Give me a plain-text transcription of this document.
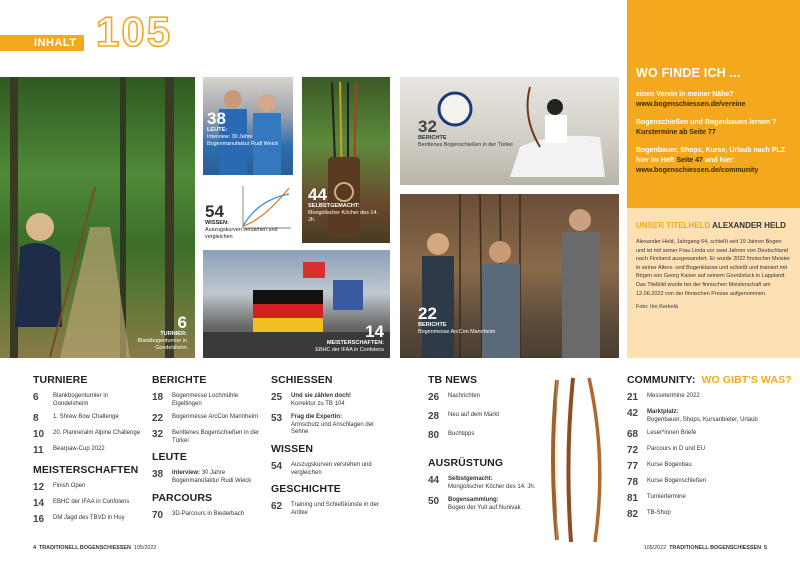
INHALT 105
6
TURNIER:
Blankbogenturnier in Gondelsheim
38
LEUTE:
Interview: 30 Jahre Bogenmanufaktur Rudi Weick
44
SELBSTGEMACHT:
Mongolischer Köcher des 14. Jh.
54
WISSEN:
Auszugskurven verstehen und vergleichen
14
MEISTERSCHAFTEN:
EBHC der IFAA in Confolens
32
BERICHTE
Berittenes Bogenschießen in der Türkei
22
BERICHTE
Bogenmesse ArcCon Mannheim
WO FINDE ICH ...

einen Verein in meiner Nähe?
www.bogenschiessen.de/vereine

Bogenschießen und Bogenbauen lernen ?
Kurstermine ab Seite 77

Bogenbauer, Shops, Kurse, Urlaub nach PLZ hier im Heft Seite 47 und hier:
www.bogenschiessen.de/community

UNSER TITELHELD ALEXANDER HELD

Alexander Held, Jahrgang 64, schießt seit 19 Jahren Bogen und ist mit seiner Frau Linda vor zwei Jahren von Deutschland nach Finnland ausgewandert. Er wurde 2022 finnischer Meister in seiner Alters- und Bogenklasse und schießt und trainiert mit Bögen von Georg Kaiser auf seinem Grundstück in Lappland. Das Titelbild wurde bei der finnischen Meisterschaft am 12.06.2022 von der finnischen Presse aufgenommen.

Foto: Iiro Kerkelä

TURNIERE
6	Blankbogenturnier in Gondelsheim
8	1. Shrew Bow Challenge
10	20. Planneralm Alpine Challenge
11	Bearpaw-Cup 2022
MEISTERSCHAFTEN
12	Finish Open
14	EBHC der IFAA in Confolens
16	DM Jagd des TBVD in Huy
BERICHTE
18	Bogenmesse Lochmühle Eigeltingen
22	Bogenmesse ArcCon Mannheim
32	Berittenes Bogenschießen in der Türkei
LEUTE
38	Interview: 30 Jahre Bogenmanufaktur Rudi Weick
PARCOURS
70	3D-Parcours in Biederbach
SCHIESSEN
25	Und sie zählen doch!
Korrektur zu TB 104
53	Frag die Expertin:
Armschutz und Anschlagen der Sehne
WISSEN
54	Auszugskurven verstehen und vergleichen
GESCHICHTE
62	Training und Schießkünste in der Antike
TB NEWS
26	Nachrichten
28	Neu auf dem Markt
80	Buchtipps
AUSRÜSTUNG
44	Selbstgemacht:
Mongolischer Köcher des 14. Jh.
50	Bogensammlung:
Bogen der Yuit auf Nunivak
COMMUNITY: WO GIBT'S WAS?
21	Messetermine 2022
42	Marktplatz:
Bogenbauer, Shops, Kursanbieter, Urlaub
68	Leser*innen Briefe
72	Parcours in D und EU
77	Kurse Bogenbau
78	Kurse Bogenschießen
81	Turniertermine
82	TB-Shop
4 TRADITIONELL BOGENSCHIESSEN 105/2022	105/2022 TRADITIONELL BOGENSCHIESSEN 5
